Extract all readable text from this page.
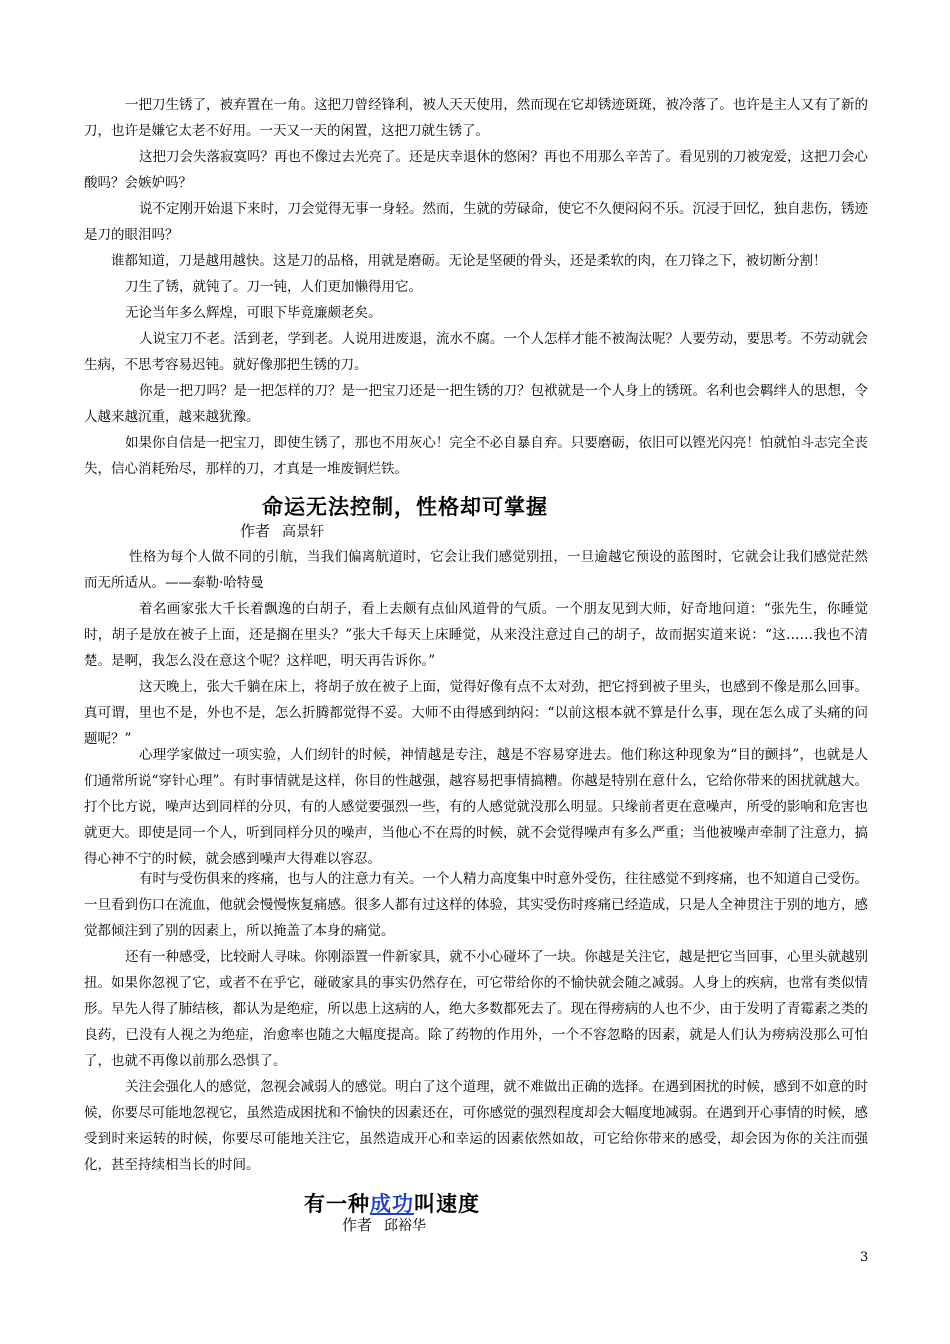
一把刀生锈了，被弃置在一角。这把刀曾经锋利，被人天天使用，然而现在它却锈迹斑斑，被冷落了。也许是主人又有了新的刀，也许是嫌它太老不好用。一天又一天的闲置，这把刀就生锈了。

这把刀会失落寂寞吗？再也不像过去光亮了。还是庆幸退休的悠闲？再也不用那么辛苦了。看见别的刀被宠爱，这把刀会心酸吗？会嫉妒吗？

说不定刚开始退下来时，刀会觉得无事一身轻。然而，生就的劳碌命，使它不久便闷闷不乐。沉浸于回忆，独自悲伤，锈迹是刀的眼泪吗？

谁都知道，刀是越用越快。这是刀的品格，用就是磨砺。无论是坚硬的骨头，还是柔软的肉，在刀锋之下，被切断分割！

刀生了锈，就钝了。刀一钝，人们更加懒得用它。

无论当年多么辉煌，可眼下毕竟廉颇老矣。

人说宝刀不老。活到老，学到老。人说用进废退，流水不腐。一个人怎样才能不被淘汰呢？人要劳动，要思考。不劳动就会生病，不思考容易迟钝。就好像那把生锈的刀。

你是一把刀吗？是一把怎样的刀？是一把宝刀还是一把生锈的刀？包袱就是一个人身上的锈斑。名利也会羁绊人的思想，令人越来越沉重，越来越犹豫。

如果你自信是一把宝刀，即使生锈了，那也不用灰心！完全不必自暴自弃。只要磨砺，依旧可以铿光闪亮！怕就怕斗志完全丧失，信心消耗殆尽，那样的刀，才真是一堆废铜烂铁。

命运无法控制，性格却可掌握
作者 高景轩

性格为每个人做不同的引航，当我们偏离航道时，它会让我们感觉别扭，一旦逾越它预设的蓝图时，它就会让我们感觉茫然而无所适从。——泰勒·哈特曼

着名画家张大千长着飘逸的白胡子，看上去颇有点仙风道骨的气质。一个朋友见到大师，好奇地问道：“张先生，你睡觉时，胡子是放在被子上面，还是搁在里头？”张大千每天上床睡觉，从来没注意过自己的胡子，故而据实道来说：“这……我也不清楚。是啊，我怎么没在意这个呢？这样吧，明天再告诉你。”

这天晚上，张大千躺在床上，将胡子放在被子上面，觉得好像有点不太对劲，把它捋到被子里头，也感到不像是那么回事。真可谓，里也不是，外也不是，怎么折腾都觉得不妥。大师不由得感到纳闷：“以前这根本就不算是什么事，现在怎么成了头痛的问题呢？”

心理学家做过一项实验，人们纫针的时候，神情越是专注，越是不容易穿进去。他们称这种现象为“目的颤抖”，也就是人们通常所说“穿针心理”。有时事情就是这样，你目的性越强，越容易把事情搞糟。你越是特别在意什么，它给你带来的困扰就越大。打个比方说，噪声达到同样的分贝，有的人感觉要强烈一些，有的人感觉就没那么明显。只缘前者更在意噪声，所受的影响和危害也就更大。即使是同一个人，听到同样分贝的噪声，当他心不在焉的时候，就不会觉得噪声有多么严重；当他被噪声牵制了注意力，搞得心神不宁的时候，就会感到噪声大得难以容忍。

有时与受伤俱来的疼痛，也与人的注意力有关。一个人精力高度集中时意外受伤，往往感觉不到疼痛，也不知道自己受伤。一旦看到伤口在流血，他就会慢慢恢复痛感。很多人都有过这样的体验，其实受伤时疼痛已经造成，只是人全神贯注于别的地方，感觉都倾注到了别的因素上，所以掩盖了本身的痛觉。

还有一种感受，比较耐人寻味。你刚添置一件新家具，就不小心碰坏了一块。你越是关注它，越是把它当回事，心里头就越别扭。如果你忽视了它，或者不在乎它，碰破家具的事实仍然存在，可它带给你的不愉快就会随之减弱。人身上的疾病，也常有类似情形。早先人得了肺结核，都认为是绝症，所以患上这病的人，绝大多数都死去了。现在得痨病的人也不少，由于发明了青霉素之类的良药，已没有人视之为绝症，治愈率也随之大幅度提高。除了药物的作用外，一个不容忽略的因素，就是人们认为痨病没那么可怕了，也就不再像以前那么恐惧了。

关注会强化人的感觉，忽视会减弱人的感觉。明白了这个道理，就不难做出正确的选择。在遇到困扰的时候，感到不如意的时候，你要尽可能地忽视它，虽然造成困扰和不愉快的因素还在，可你感觉的强烈程度却会大幅度地减弱。在遇到开心事情的时候，感受到时来运转的时候，你要尽可能地关注它，虽然造成开心和幸运的因素依然如故，可它给你带来的感受，却会因为你的关注而强化，甚至持续相当长的时间。

有一种成功叫速度
作者 邱裕华
3
